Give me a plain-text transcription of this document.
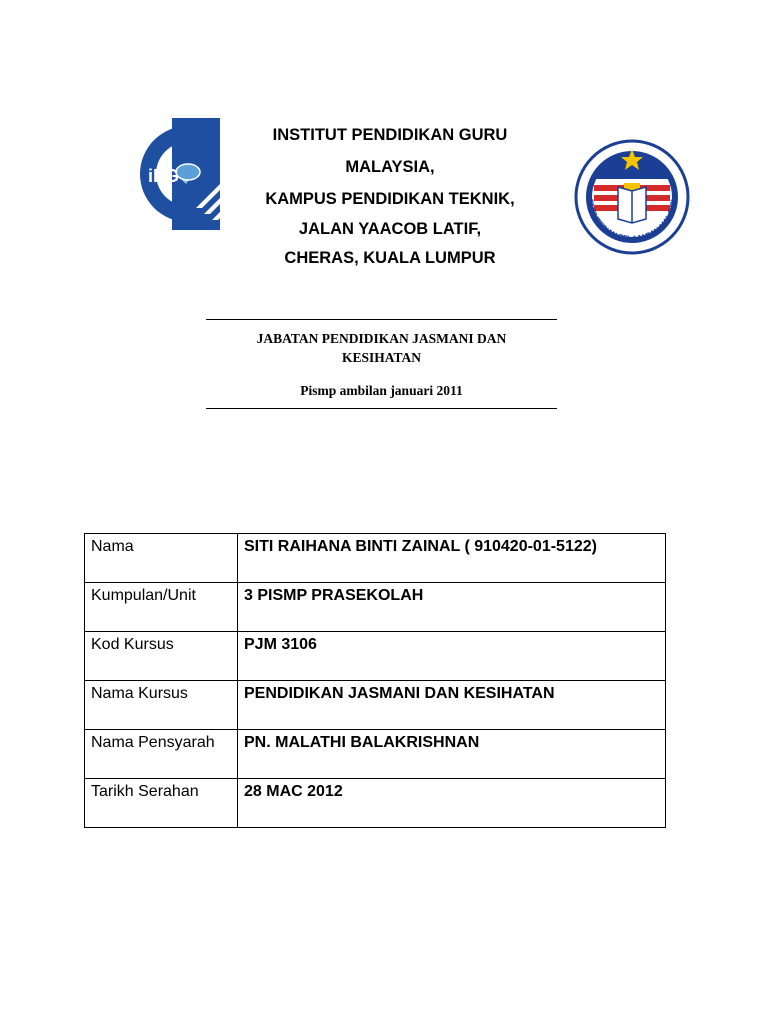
iPG
INSTITUT PENDIDIKAN GURU
MALAYSIA,
KAMPUS PENDIDIKAN TEKNIK,
JALAN YAACOB LATIF,
CHERAS, KUALA LUMPUR
EMENTERIAN PELAJARAN MALAYSI
JABATAN PENDIDIKAN JASMANI DAN
KESIHATAN
Pismp ambilan januari 2011
Nama	SITI RAIHANA BINTI ZAINAL ( 910420-01-5122)
Kumpulan/Unit	3 PISMP PRASEKOLAH
Kod Kursus	PJM 3106
Nama Kursus	PENDIDIKAN JASMANI DAN KESIHATAN
Nama Pensyarah	PN. MALATHI BALAKRISHNAN
Tarikh Serahan	28 MAC 2012
